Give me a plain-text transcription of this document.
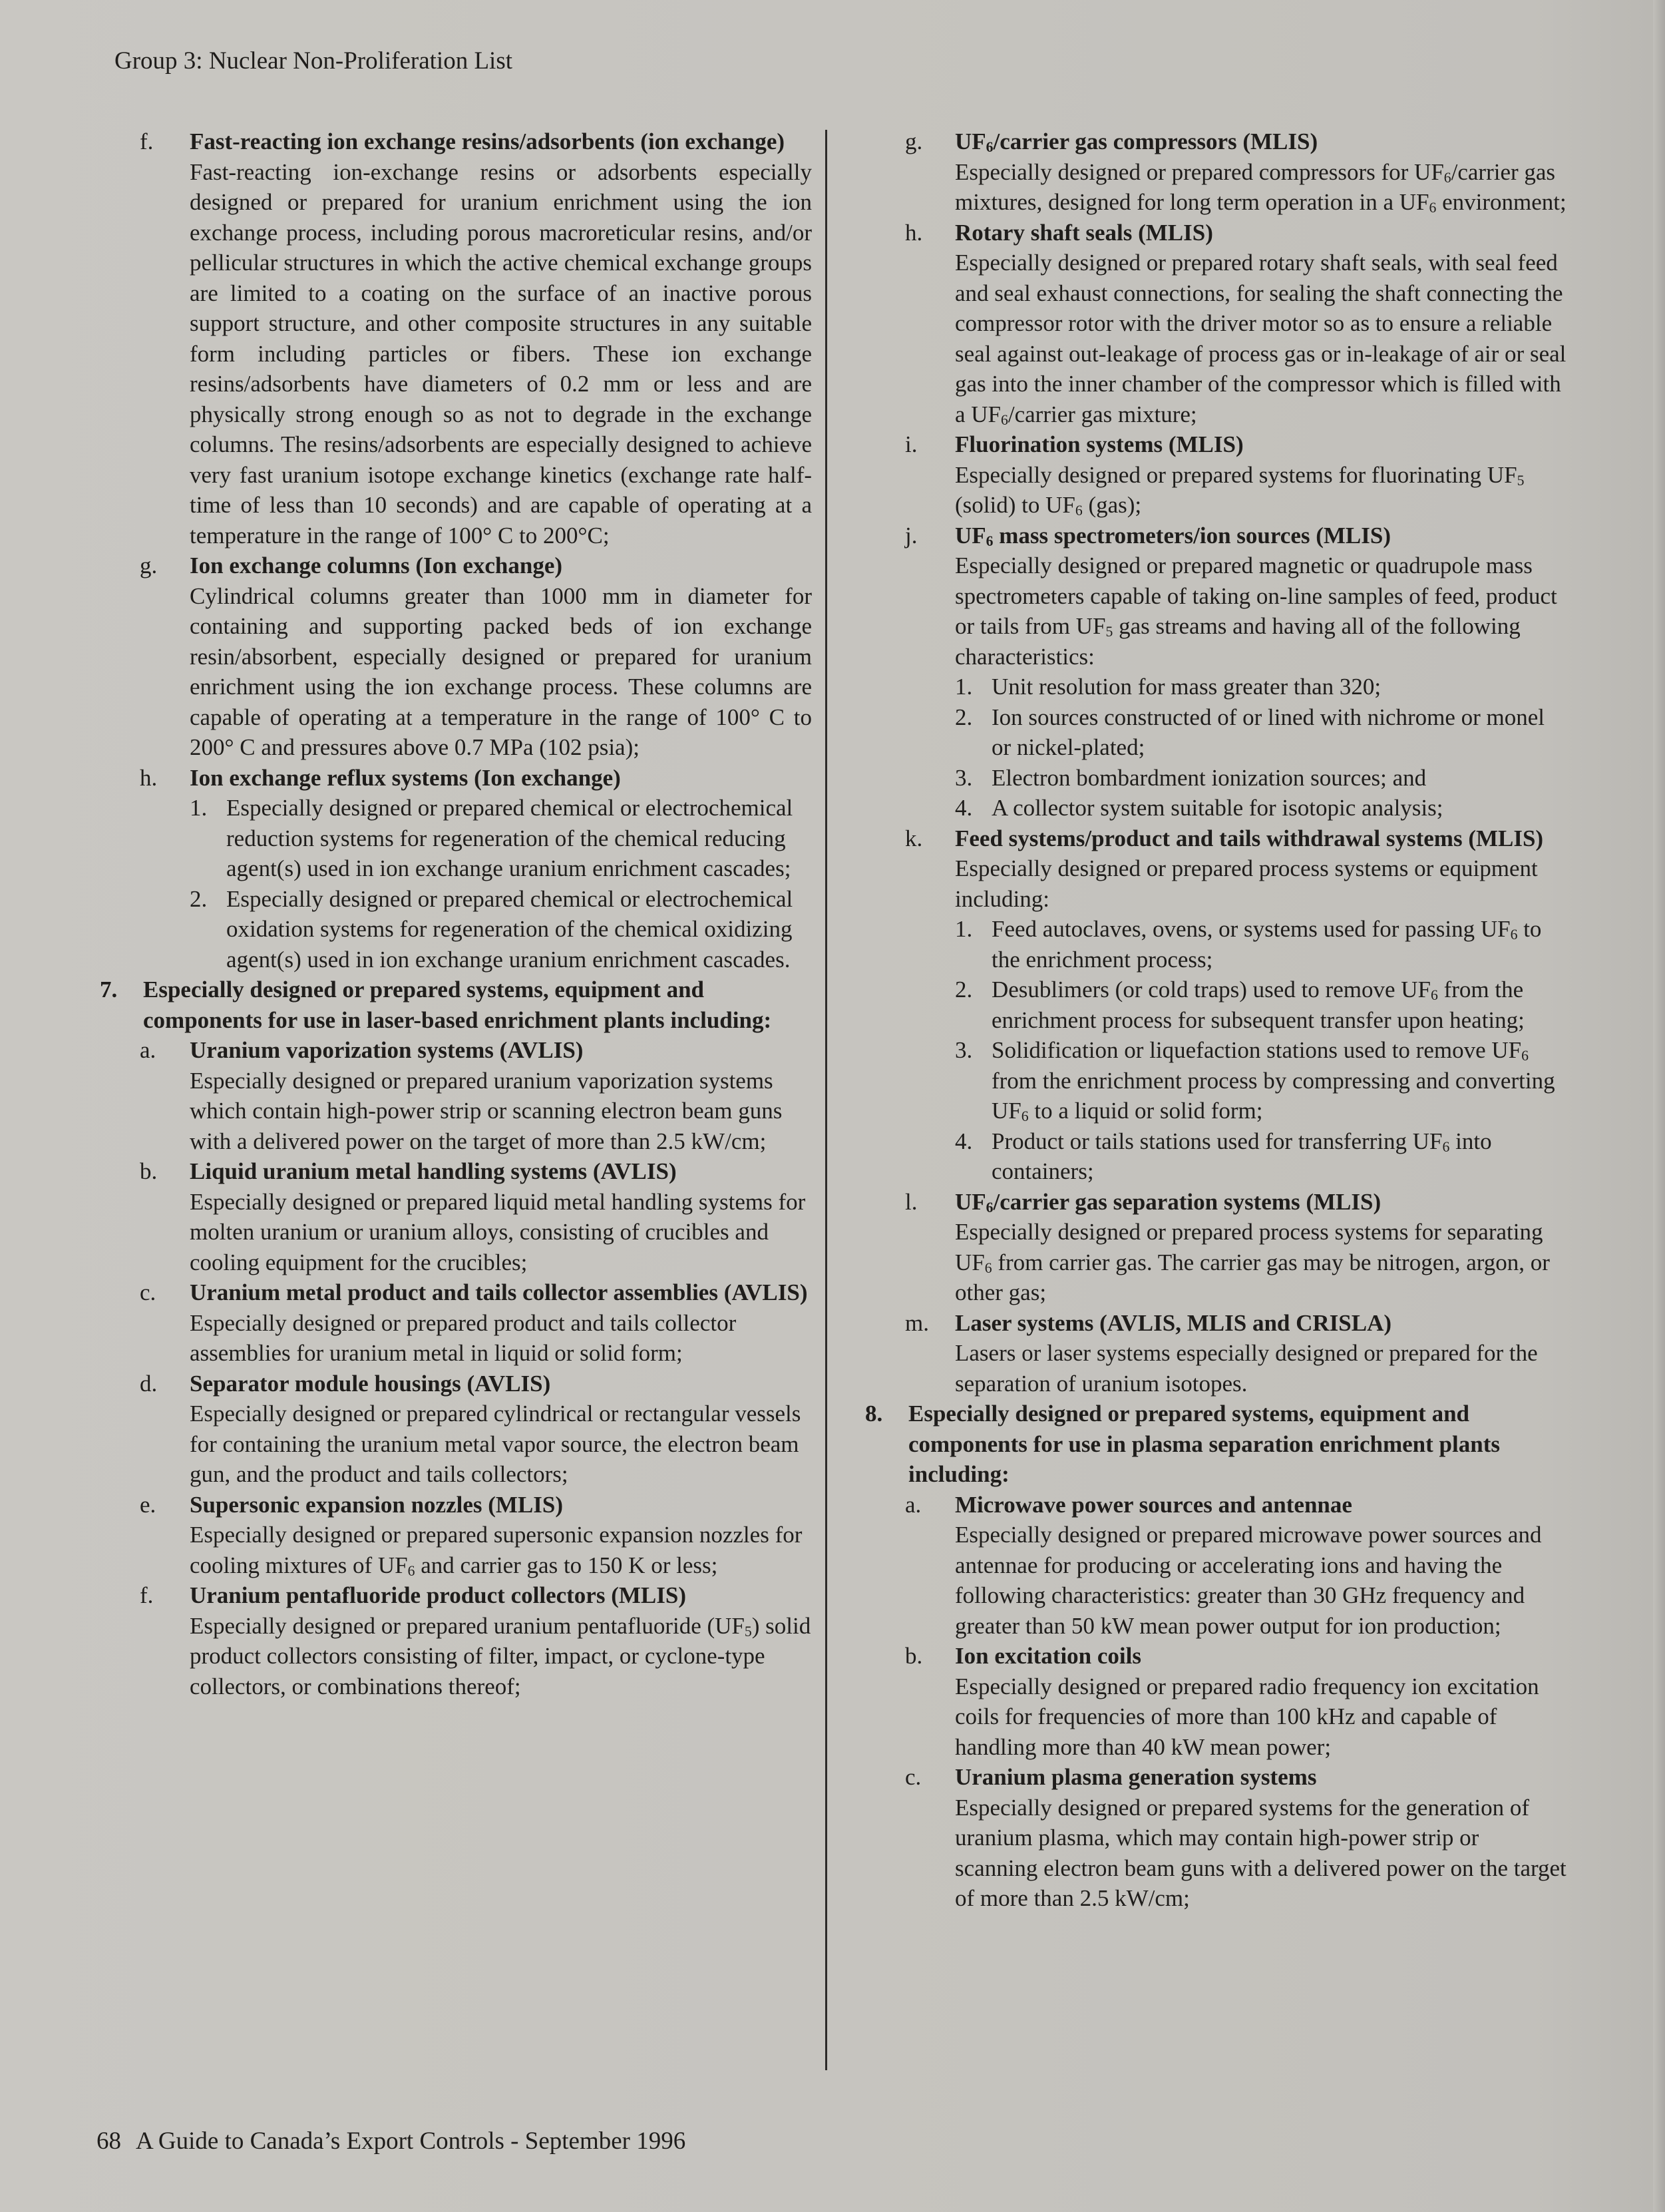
Group 3: Nuclear Non-Proliferation List
f. Fast-reacting ion exchange resins/adsorbents (ion exchange)
Fast-reacting ion-exchange resins or adsorbents especially designed or prepared for uranium enrichment using the ion exchange process, including porous macroreticular resins, and/or pellicular structures in which the active chemical exchange groups are limited to a coating on the surface of an inactive porous support structure, and other composite structures in any suitable form including particles or fibers. These ion exchange resins/adsorbents have diameters of 0.2 mm or less and are physically strong enough so as not to degrade in the exchange columns. The resins/adsorbents are especially designed to achieve very fast uranium isotope exchange kinetics (exchange rate half-time of less than 10 seconds) and are capable of operating at a temperature in the range of 100° C to 200°C;
g. Ion exchange columns (Ion exchange)
Cylindrical columns greater than 1000 mm in diameter for containing and supporting packed beds of ion exchange resin/absorbent, especially designed or prepared for uranium enrichment using the ion exchange process. These columns are capable of operating at a temperature in the range of 100° C to 200° C and pressures above 0.7 MPa (102 psia);
h. Ion exchange reflux systems (Ion exchange)
1. Especially designed or prepared chemical or electrochemical reduction systems for regeneration of the chemical reducing agent(s) used in ion exchange uranium enrichment cascades;
2. Especially designed or prepared chemical or electrochemical oxidation systems for regeneration of the chemical oxidizing agent(s) used in ion exchange uranium enrichment cascades.
7. Especially designed or prepared systems, equipment and components for use in laser-based enrichment plants including:
a. Uranium vaporization systems (AVLIS)
Especially designed or prepared uranium vaporization systems which contain high-power strip or scanning electron beam guns with a delivered power on the target of more than 2.5 kW/cm;
b. Liquid uranium metal handling systems (AVLIS)
Especially designed or prepared liquid metal handling systems for molten uranium or uranium alloys, consisting of crucibles and cooling equipment for the crucibles;
c. Uranium metal product and tails collector assemblies (AVLIS)
Especially designed or prepared product and tails collector assemblies for uranium metal in liquid or solid form;
d. Separator module housings (AVLIS)
Especially designed or prepared cylindrical or rectangular vessels for containing the uranium metal vapor source, the electron beam gun, and the product and tails collectors;
e. Supersonic expansion nozzles (MLIS)
Especially designed or prepared supersonic expansion nozzles for cooling mixtures of $UF_6$ and carrier gas to 150 K or less;
f. Uranium pentafluoride product collectors (MLIS)
Especially designed or prepared uranium pentafluoride $(UF_5)$ solid product collectors consisting of filter, impact, or cyclone-type collectors, or combinations thereof;
g. $UF_6$/carrier gas compressors (MLIS)
Especially designed or prepared compressors for $UF_6$/carrier gas mixtures, designed for long term operation in a $UF_6$ environment;
h. Rotary shaft seals (MLIS)
Especially designed or prepared rotary shaft seals, with seal feed and seal exhaust connections, for sealing the shaft connecting the compressor rotor with the driver motor so as to ensure a reliable seal against out-leakage of process gas or in-leakage of air or seal gas into the inner chamber of the compressor which is filled with a $UF_6$/carrier gas mixture;
i. Fluorination systems (MLIS)
Especially designed or prepared systems for fluorinating $UF_5$ (solid) to $UF_6$ (gas);
j. $UF_6$ mass spectrometers/ion sources (MLIS)
Especially designed or prepared magnetic or quadrupole mass spectrometers capable of taking on-line samples of feed, product or tails from $UF_5$ gas streams and having all of the following characteristics:
1. Unit resolution for mass greater than 320;
2. Ion sources constructed of or lined with nichrome or monel or nickel-plated;
3. Electron bombardment ionization sources; and
4. A collector system suitable for isotopic analysis;
k. Feed systems/product and tails withdrawal systems (MLIS)
Especially designed or prepared process systems or equipment including:
1. Feed autoclaves, ovens, or systems used for passing $UF_6$ to the enrichment process;
2. Desublimers (or cold traps) used to remove $UF_6$ from the enrichment process for subsequent transfer upon heating;
3. Solidification or liquefaction stations used to remove $UF_6$ from the enrichment process by compressing and converting $UF_6$ to a liquid or solid form;
4. Product or tails stations used for transferring $UF_6$ into containers;
l. $UF_6$/carrier gas separation systems (MLIS)
Especially designed or prepared process systems for separating $UF_6$ from carrier gas. The carrier gas may be nitrogen, argon, or other gas;
m. Laser systems (AVLIS, MLIS and CRISLA)
Lasers or laser systems especially designed or prepared for the separation of uranium isotopes.
8. Especially designed or prepared systems, equipment and components for use in plasma separation enrichment plants including:
a. Microwave power sources and antennae
Especially designed or prepared microwave power sources and antennae for producing or accelerating ions and having the following characteristics: greater than 30 GHz frequency and greater than 50 kW mean power output for ion production;
b. Ion excitation coils
Especially designed or prepared radio frequency ion excitation coils for frequencies of more than 100 kHz and capable of handling more than 40 kW mean power;
c. Uranium plasma generation systems
Especially designed or prepared systems for the generation of uranium plasma, which may contain high-power strip or scanning electron beam guns with a delivered power on the target of more than 2.5 kW/cm;
68 A Guide to Canada’s Export Controls - September 1996
